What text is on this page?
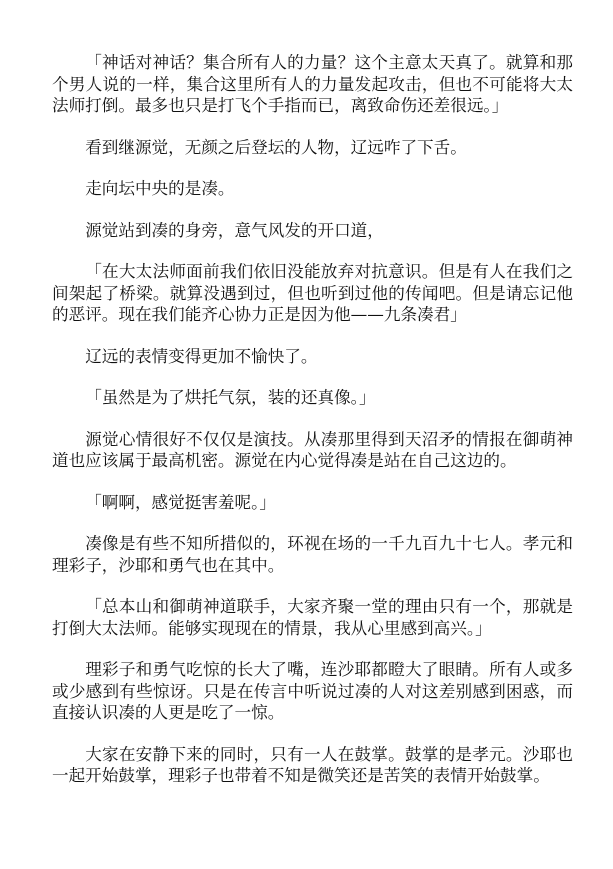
「神话对神话？集合所有人的力量？这个主意太天真了。就算和那个男人说的一样，集合这里所有人的力量发起攻击，但也不可能将大太法师打倒。最多也只是打飞个手指而已，离致命伤还差很远。」

看到继源觉，无颜之后登坛的人物，辽远咋了下舌。

走向坛中央的是凑。

源觉站到凑的身旁，意气风发的开口道，

「在大太法师面前我们依旧没能放弃对抗意识。但是有人在我们之间架起了桥梁。就算没遇到过，但也听到过他的传闻吧。但是请忘记他的恶评。现在我们能齐心协力正是因为他——九条凑君」

辽远的表情变得更加不愉快了。

「虽然是为了烘托气氛，装的还真像。」

源觉心情很好不仅仅是演技。从凑那里得到天沼矛的情报在御萌神道也应该属于最高机密。源觉在内心觉得凑是站在自己这边的。

「啊啊，感觉挺害羞呢。」

凑像是有些不知所措似的，环视在场的一千九百九十七人。孝元和理彩子，沙耶和勇气也在其中。

「总本山和御萌神道联手，大家齐聚一堂的理由只有一个，那就是打倒大太法师。能够实现现在的情景，我从心里感到高兴。」

理彩子和勇气吃惊的长大了嘴，连沙耶都瞪大了眼睛。所有人或多或少感到有些惊讶。只是在传言中听说过凑的人对这差别感到困惑，而直接认识凑的人更是吃了一惊。

大家在安静下来的同时，只有一人在鼓掌。鼓掌的是孝元。沙耶也一起开始鼓掌，理彩子也带着不知是微笑还是苦笑的表情开始鼓掌。
